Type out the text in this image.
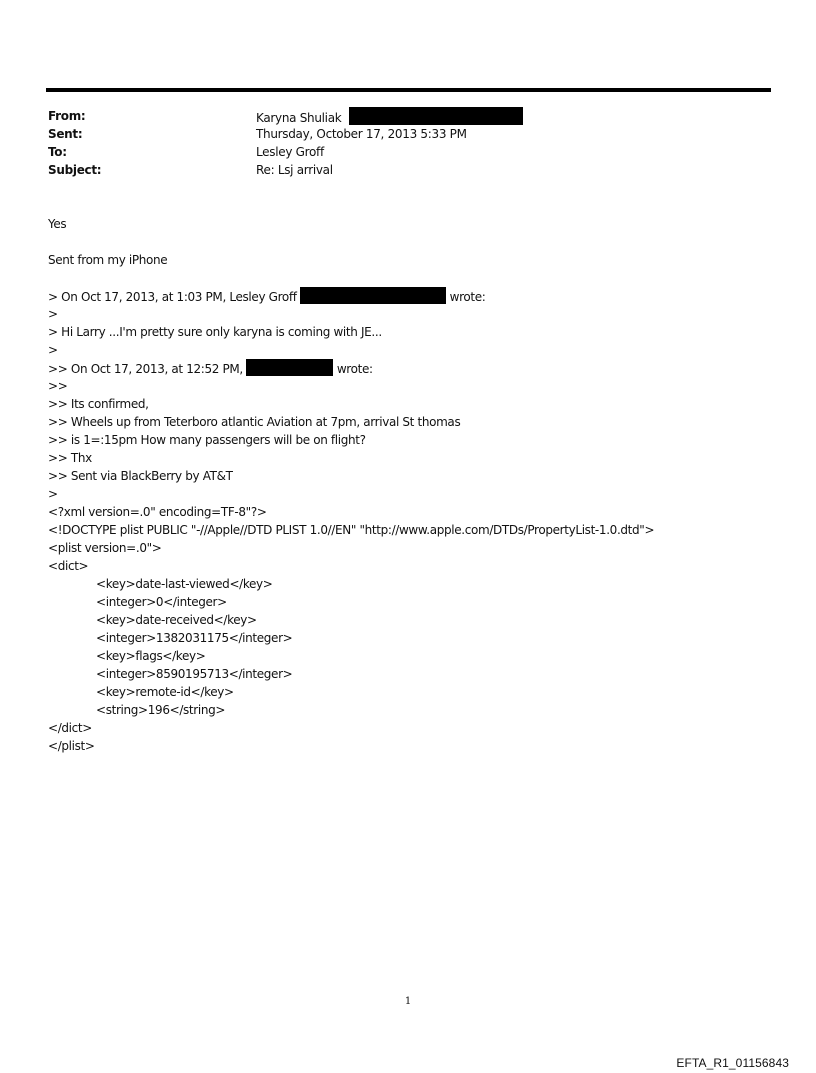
From:	Karyna Shuliak
Sent:	Thursday, October 17, 2013 5:33 PM
To:	Lesley Groff
Subject:	Re: Lsj arrival
Yes
Sent from my iPhone
> On Oct 17, 2013, at 1:03 PM, Lesley Groff	wrote:
>
> Hi Larry ...I'm pretty sure only karyna is coming with JE...
>
>> On Oct 17, 2013, at 12:52 PM,	wrote:
>>
>> Its confirmed,
>> Wheels up from Teterboro atlantic Aviation at 7pm, arrival St thomas
>> is 1=:15pm How many passengers will be on flight?
>> Thx
>> Sent via BlackBerry by AT&T
>
<?xml version=.0" encoding=TF-8"?>
<!DOCTYPE plist PUBLIC "-//Apple//DTD PLIST 1.0//EN" "http://www.apple.com/DTDs/PropertyList-1.0.dtd">
<plist version=.0">
<dict>
<key>date-last-viewed</key>
<integer>0</integer>
<key>date-received</key>
<integer>1382031175</integer>
<key>flags</key>
<integer>8590195713</integer>
<key>remote-id</key>
<string>196</string>
</dict>
</plist>
1
EFTA_R1_01156843
